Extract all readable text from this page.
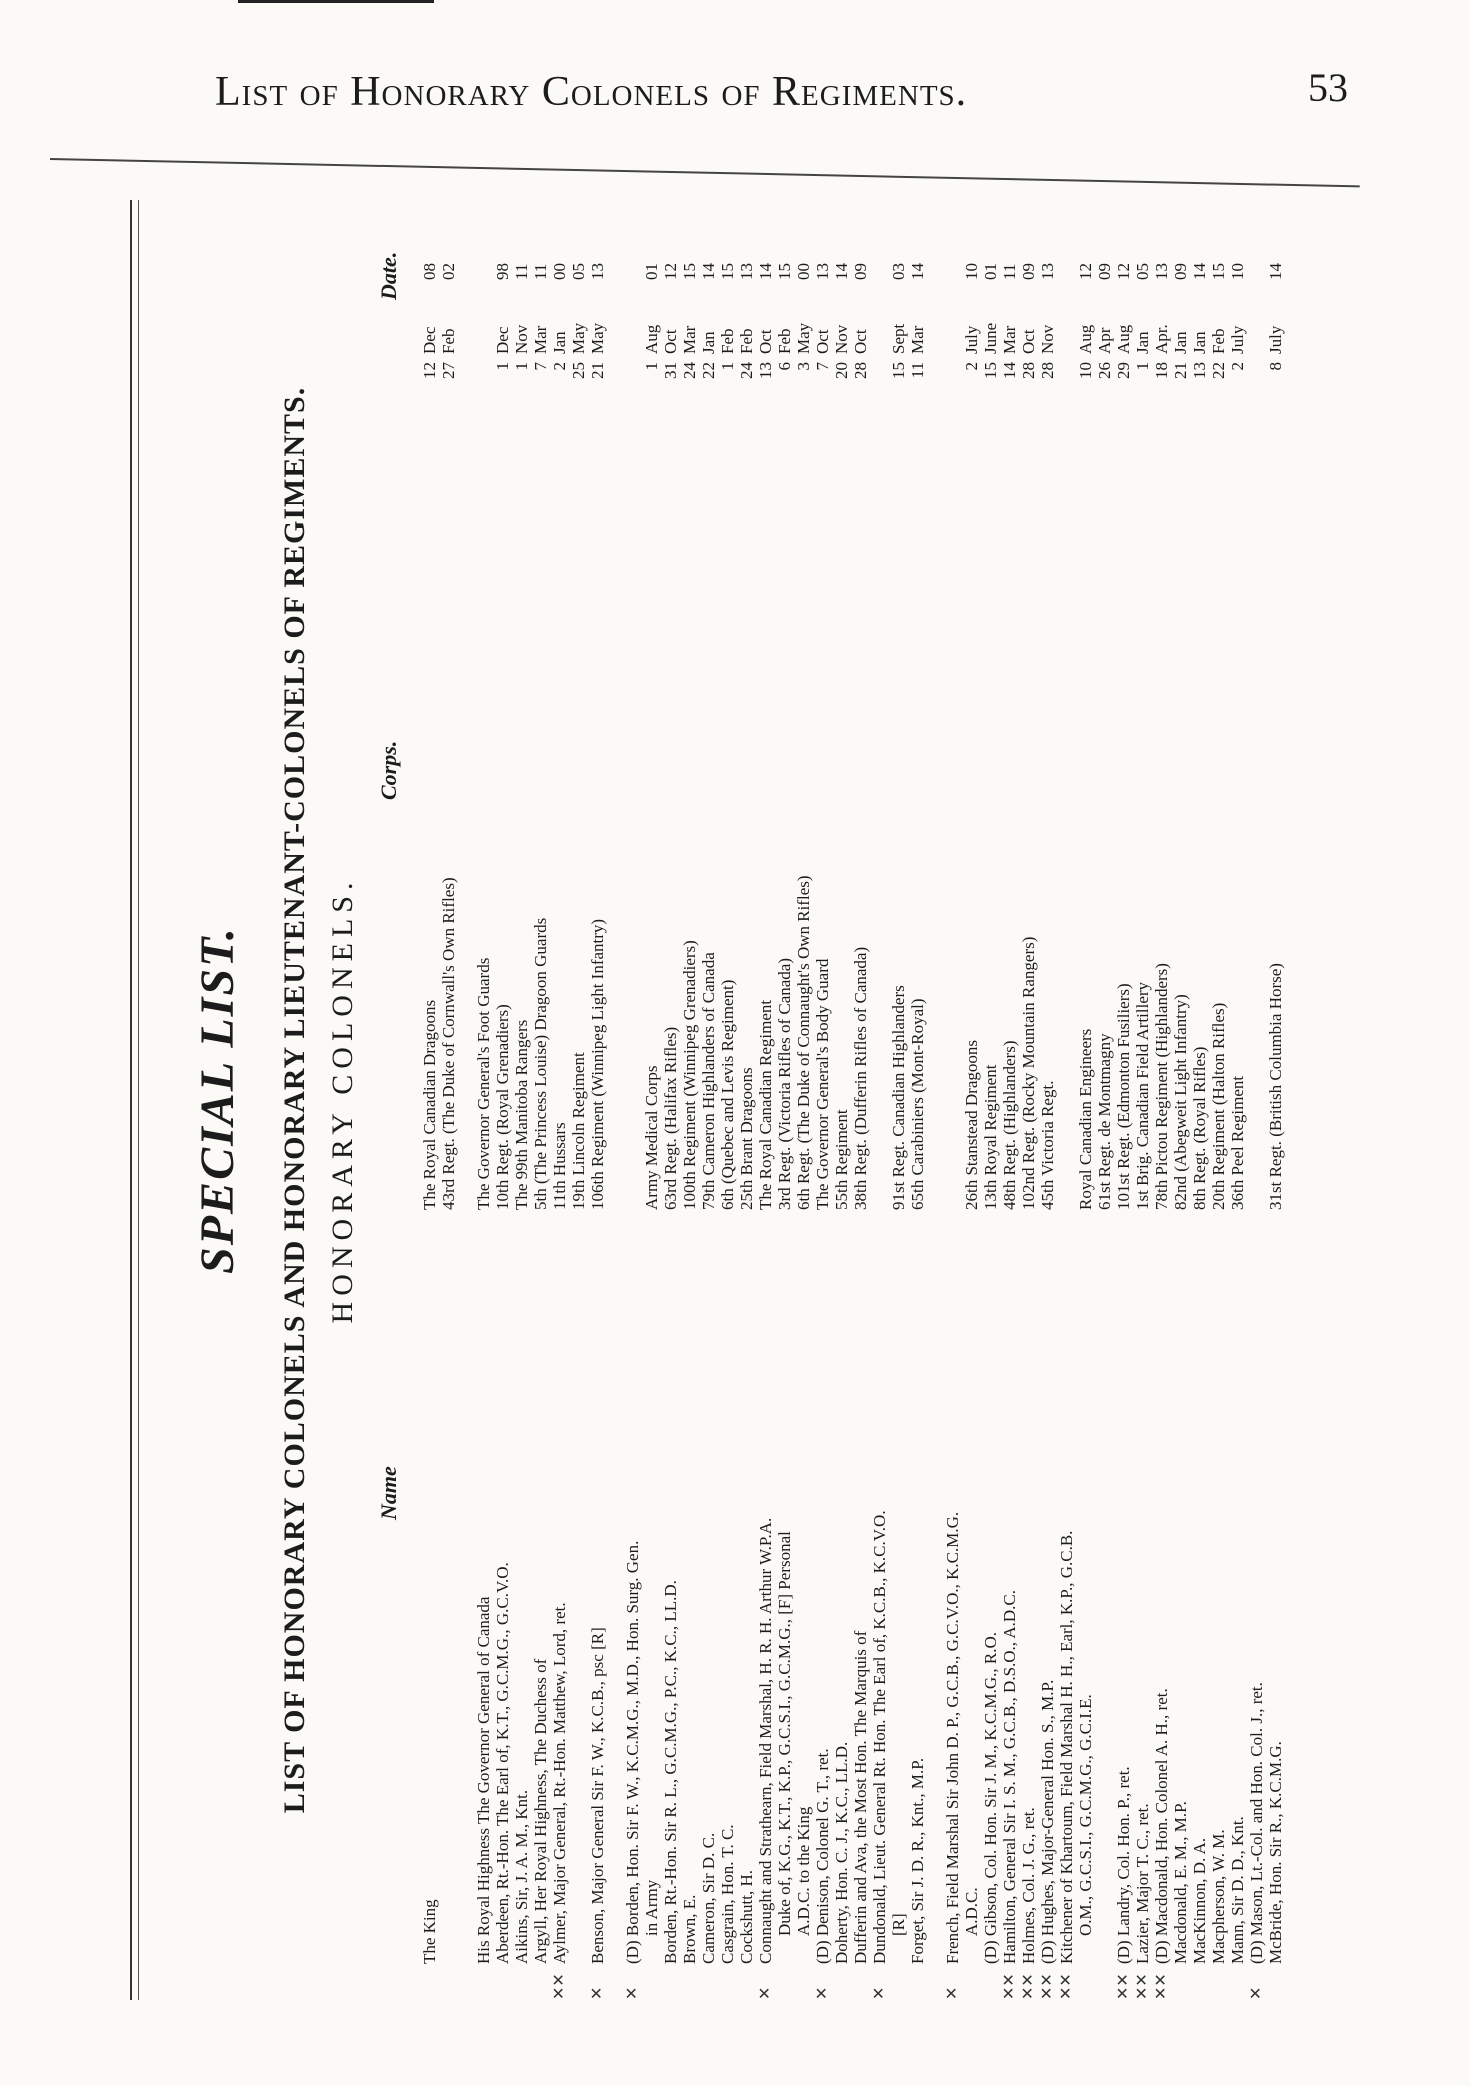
List of Honorary Colonels of Regiments.	53
SPECIAL LIST. LIST OF HONORARY COLONELS AND HONORARY LIEUTENANT-COLONELS OF REGIMENTS. HONORARY COLONELS.
Name
Corps.
Date.
The King
{ The Royal Canadian Dragoons
12
Dec
08
43rd Regt. (The Duke of Cornwall's Own Rifles)
27
Feb
02
His Royal Highness The Governor General of Canada
The Governor General's Foot Guards
Aberdeen, Rt.-Hon. The Earl of, K.T., G.C.M.G., G.C.V.O.
10th Regt. (Royal Grenadiers)
1
Dec
98
Aikins, Sir, J. A. M., Knt.
The 99th Manitoba Rangers
1
Nov
11
Argyll, Her Royal Highness, The Duchess of
5th (The Princess Louise) Dragoon Guards
7
Mar
11
✕✕
Aylmer, Major General, Rt.-Hon. Matthew, Lord, ret.
11th Hussars
2
Jan
00
19th Lincoln Regiment
25
May
05
✕
Benson, Major General Sir F. W., K.C.B., psc [R]
106th Regiment (Winnipeg Light Infantry)
21
May
13
✕
(D) Borden, Hon. Sir F. W., K.C.M.G., M.D., Hon. Surg. Gen. in Army
Army Medical Corps
1
Aug
01
Borden, Rt.-Hon. Sir R. L., G.C.M.G., P.C., K.C., LL.D.
63rd Regt. (Halifax Rifles)
31
Oct
12
Brown, E.
100th Regiment (Winnipeg Grenadiers)
24
Mar
15
Cameron, Sir D. C.
79th Cameron Highlanders of Canada
22
Jan
14
Casgrain, Hon. T. C.
6th (Quebec and Levis Regiment)
1
Feb
15
Cockshutt, H.
25th Brant Dragoons
24
Feb
13
✕
Connaught and Strathearn, Field Marshal, H. R. H. Arthur W.P.A.
{ The Royal Canadian Regiment
13
Oct
14
Duke of, K.G., K.T., K.P., G.C.S.I., G.C.M.G., [F] Personal
3rd Regt. (Victoria Rifles of Canada)
6
Feb
15
A.D.C. to the King
6th Regt. (The Duke of Connaught's Own Rifles)
3
May
00
✕
(D) Denison, Colonel G. T., ret.
The Governor General's Body Guard
7
Oct
13
Doherty, Hon. C. J., K.C., LL.D.
55th Regiment
20
Nov
14
Dufferin and Ava, the Most Hon. The Marquis of
38th Regt. (Dufferin Rifles of Canada)
28
Oct
09
✕
Dundonald, Lieut. General Rt. Hon. The Earl of, K.C.B., K.C.V.O. [R]
91st Regt. Canadian Highlanders
15
Sept
03
Forget, Sir J. D. R., Knt., M.P.
65th Carabiniers (Mont-Royal)
11
Mar
14
✕
French, Field Marshal Sir John D. P., G.C.B., G.C.V.O., K.C.M.G. A.D.C.
26th Stanstead Dragoons
2
July
10
(D) Gibson, Col. Hon. Sir J. M., K.C.M.G., R.O.
13th Royal Regiment
15
June
01
✕✕
Hamilton, General Sir I. S. M., G.C.B., D.S.O., A.D.C.
48th Regt. (Highlanders)
14
Mar
11
✕✕
Holmes, Col. J. G., ret.
102nd Regt. (Rocky Mountain Rangers)
28
Oct
09
✕✕
(D) Hughes, Major-General Hon. S., M.P.
45th Victoria Regt.
28
Nov
13
✕✕
Kitchener of Khartoum, Field Marshal H. H., Earl, K.P., G.C.B. O.M., G.C.S.I., G.C.M.G., G.C.I.E.
Royal Canadian Engineers
10
Aug
12
61st Regt. de Montmagny
26
Apr
09
✕✕
(D) Landry, Col. Hon. P., ret.
101st Regt. (Edmonton Fusiliers)
29
Aug
12
✕✕
Lazier, Major T. C., ret.
1st Brig. Canadian Field Artillery
1
Jan
05
✕✕
(D) Macdonald, Hon. Colonel A. H., ret.
78th Pictou Regiment (Highlanders)
18
Apr.
13
Macdonald, E. M., M.P.
82nd (Abegweit Light Infantry)
21
Jan
09
MacKinnon, D. A.
8th Regt. (Royal Rifles)
13
Jan
14
Macpherson, W. M.
20th Regiment (Halton Rifles)
22
Feb
15
Mann, Sir D. D., Knt.
36th Peel Regiment
2
July
10
✕
(D) Mason, Lt.-Col. and Hon. Col. J., ret. McBride, Hon. Sir R., K.C.M.G.
31st Regt. (British Columbia Horse)
8
July
14
